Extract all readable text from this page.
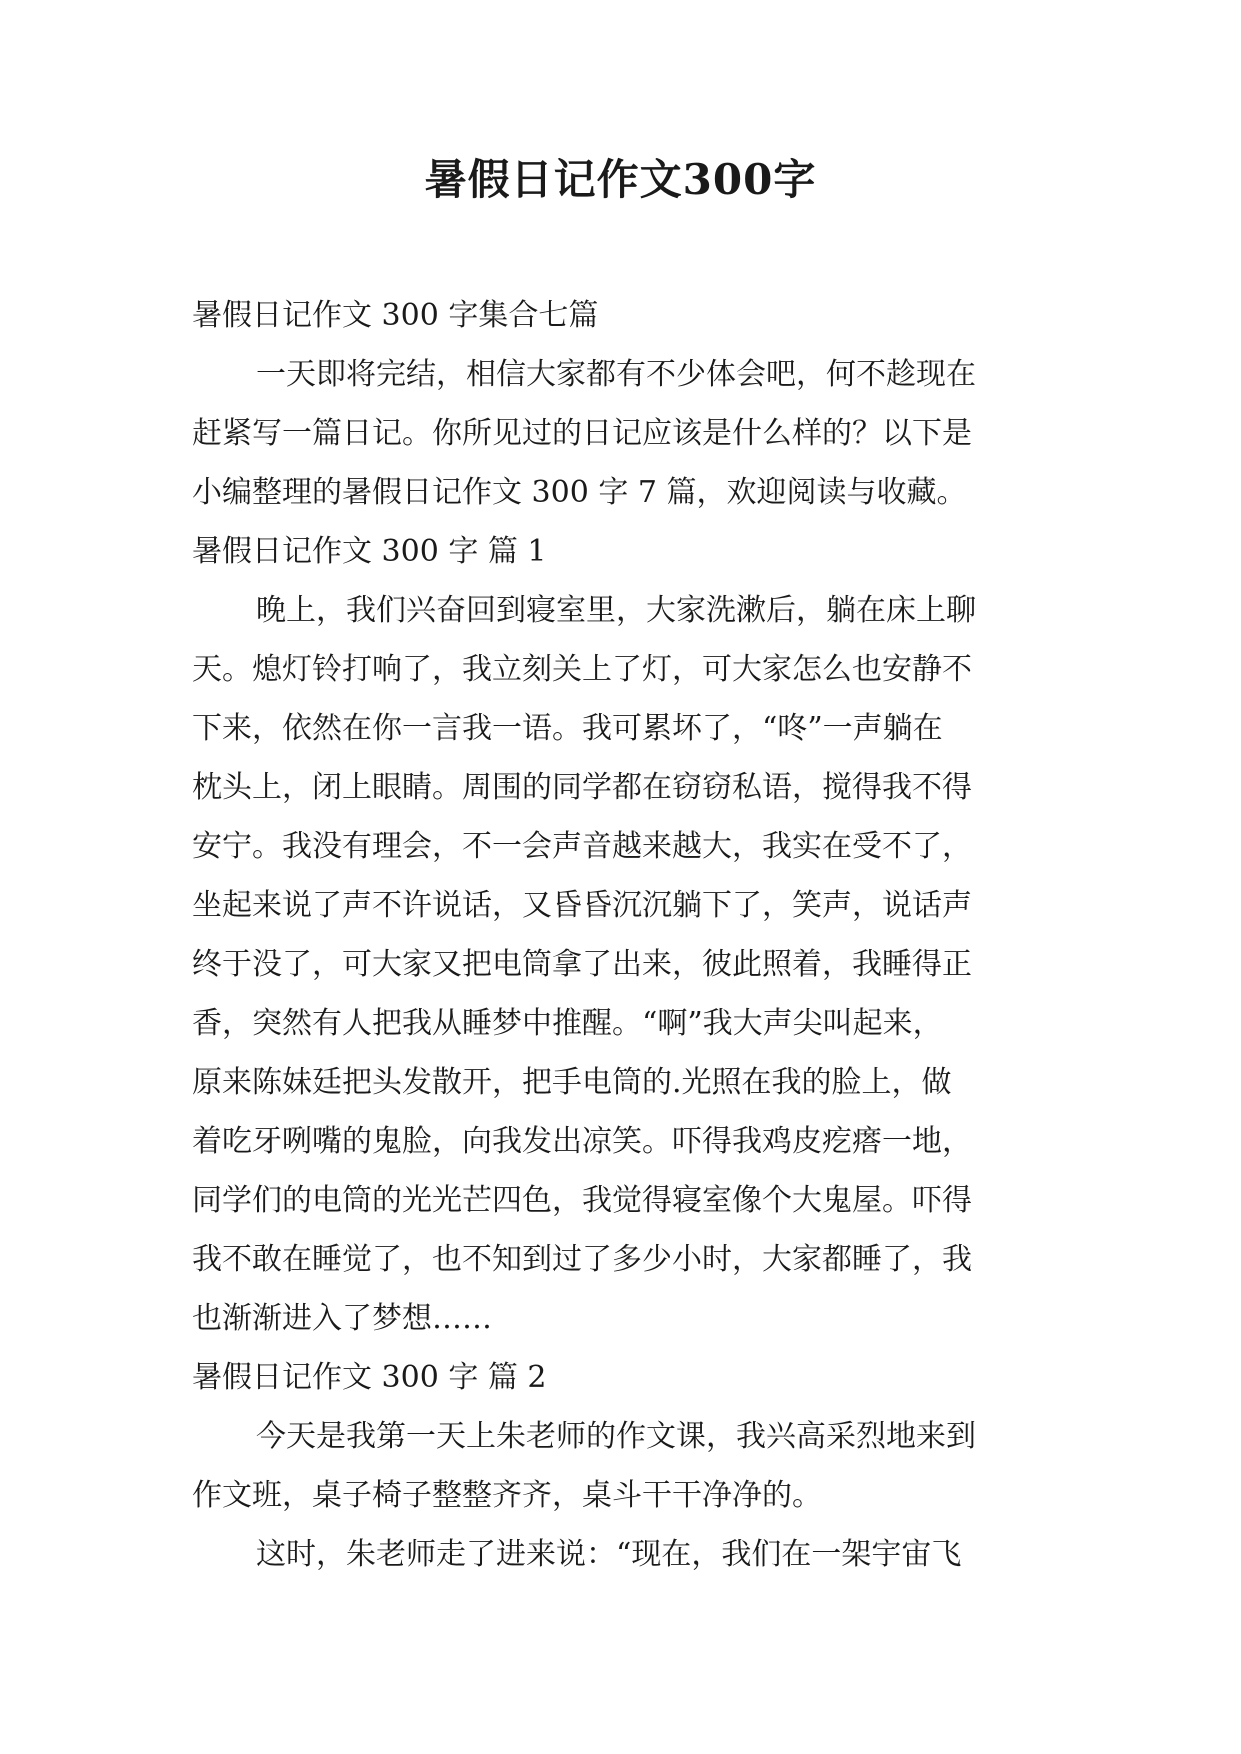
暑假日记作文300字
暑假日记作文 300 字集合七篇
一天即将完结，相信大家都有不少体会吧，何不趁现在
赶紧写一篇日记。你所见过的日记应该是什么样的？以下是
小编整理的暑假日记作文 300 字 7 篇，欢迎阅读与收藏。
暑假日记作文 300 字 篇 1
晚上，我们兴奋回到寝室里，大家洗漱后，躺在床上聊
天。熄灯铃打响了，我立刻关上了灯，可大家怎么也安静不
下来，依然在你一言我一语。我可累坏了，“咚”一声躺在
枕头上，闭上眼睛。周围的同学都在窃窃私语，搅得我不得
安宁。我没有理会，不一会声音越来越大，我实在受不了，
坐起来说了声不许说话，又昏昏沉沉躺下了，笑声，说话声
终于没了，可大家又把电筒拿了出来，彼此照着，我睡得正
香，突然有人把我从睡梦中推醒。“啊”我大声尖叫起来，
原来陈妹廷把头发散开，把手电筒的.光照在我的脸上，做
着吃牙咧嘴的鬼脸，向我发出凉笑。吓得我鸡皮疙瘩一地，
同学们的电筒的光光芒四色，我觉得寝室像个大鬼屋。吓得
我不敢在睡觉了，也不知到过了多少小时，大家都睡了，我
也渐渐进入了梦想……
暑假日记作文 300 字 篇 2
今天是我第一天上朱老师的作文课，我兴高采烈地来到
作文班，桌子椅子整整齐齐，桌斗干干净净的。
这时，朱老师走了进来说：“现在，我们在一架宇宙飞
